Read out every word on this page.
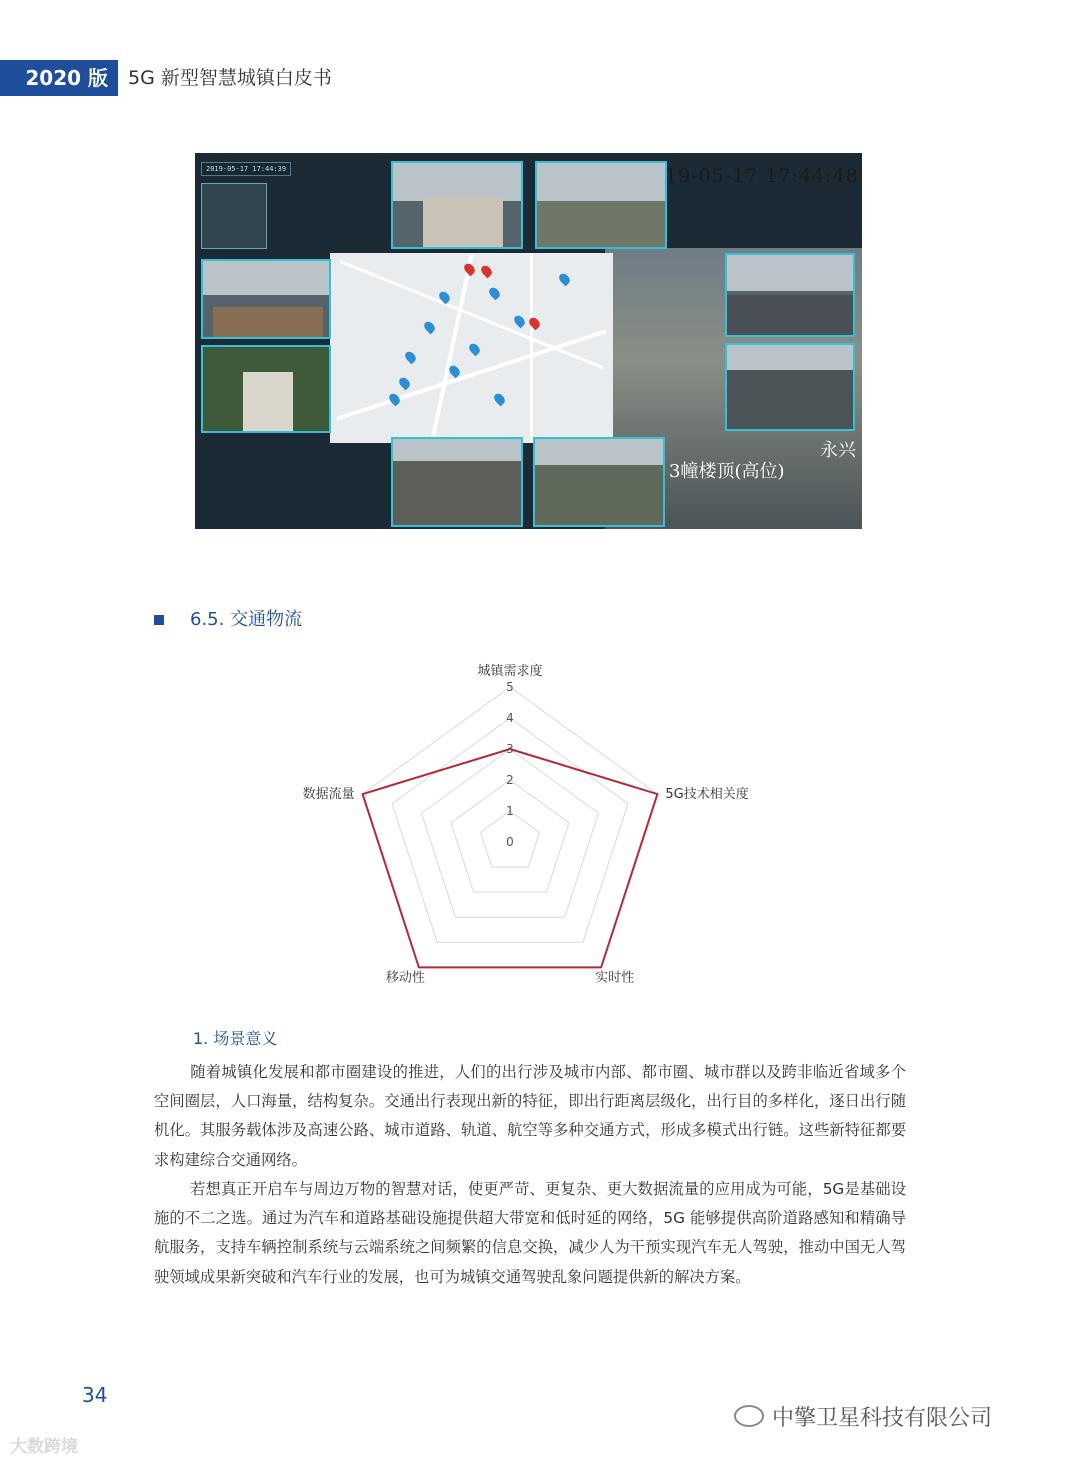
2020 版	5G 新型智慧城镇白皮书
2019-05-17 17:44:39	19-05-17 17:44:48
3幢楼顶(高位)
永兴
6.5. 交通物流
0
1
2
3
4
5
城镇需求度
5G技术相关度
实时性
移动性
数据流量
1. 场景意义

随着城镇化发展和都市圈建设的推进，人们的出行涉及城市内部、都市圈、城市群以及跨非临近省域多个空间圈层，人口海量，结构复杂。交通出行表现出新的特征，即出行距离层级化，出行目的多样化，逐日出行随机化。其服务载体涉及高速公路、城市道路、轨道、航空等多种交通方式，形成多模式出行链。这些新特征都要求构建综合交通网络。

若想真正开启车与周边万物的智慧对话，使更严苛、更复杂、更大数据流量的应用成为可能，5G是基础设施的不二之选。通过为汽车和道路基础设施提供超大带宽和低时延的网络，5G 能够提供高阶道路感知和精确导航服务，支持车辆控制系统与云端系统之间频繁的信息交换，减少人为干预实现汽车无人驾驶，推动中国无人驾驶领域成果新突破和汽车行业的发展，也可为城镇交通驾驶乱象问题提供新的解决方案。

34
大数跨境
中擎卫星科技有限公司
